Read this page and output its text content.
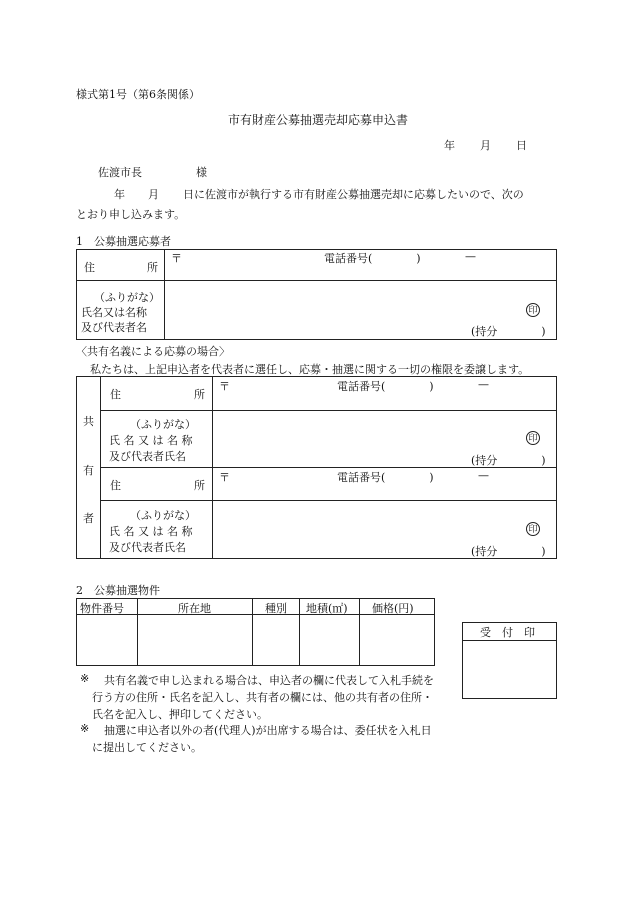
様式第1号（第6条関係）
市有財産公募抽選売却応募申込書
年 月 日
佐渡市長	様
年 月 日に佐渡市が執行する市有財産公募抽選売却に応募したいので、次の
とおり申し込みます。
1　公募抽選応募者
住	所
〒	電話番号(　　　　)	—
（ふりがな）
氏名又は名称
及び代表者名
印
(持分　　　　)
〈共有名義による応募の場合〉
私たちは、上記申込者を代表者に選任し、応募・抽選に関する一切の権限を委譲します。
共
有
者
住	所
〒	電話番号(　　　　)	—
（ふりがな）
氏 名 又 は 名 称
及び代表者氏名
印
(持分　　　　)
住	所
〒	電話番号(　　　　)	—
（ふりがな）
氏 名 又 は 名 称
及び代表者氏名
印
(持分　　　　)
2　公募抽選物件
物件番号	所在地	種別 地積(㎡) 価格(円)
受　付　印
※ 共有名義で申し込まれる場合は、申込者の欄に代表して入札手続を
行う方の住所・氏名を記入し、共有者の欄には、他の共有者の住所・
氏名を記入し、押印してください。
※ 抽選に申込者以外の者(代理人)が出席する場合は、委任状を入札日
に提出してください。
